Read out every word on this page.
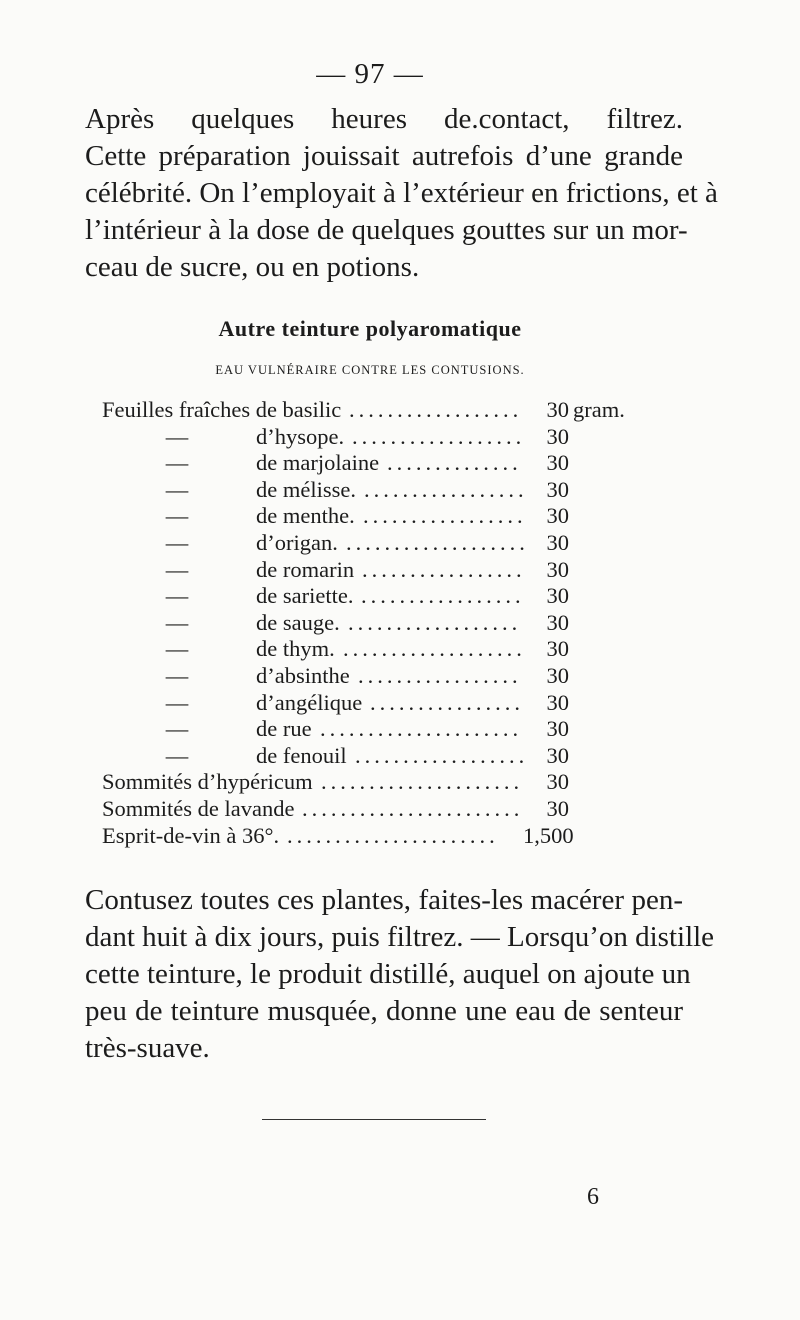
— 97 —

Après quelques heures de.contact, filtrez.
Cette préparation jouissait autrefois d’une grande
célébrité. On l’employait à l’extérieur en frictions, et à
l’intérieur à la dose de quelques gouttes sur un mor-
ceau de sucre, ou en potions.

Autre teinture polyaromatique
EAU VULNÉRAIRE CONTRE LES CONTUSIONS.
Feuilles fraîches de basilic	30 gram.
..................
—	d’hysope.	30
..................
—	de marjolaine	30
..............
—	de mélisse.	30
.................
—	de menthe.	30
.................
—	d’origan.	30
...................
—	de romarin	30
.................
—	de sariette.	30
.................
—	de sauge.	30
..................
—	de thym.	30
...................
—	d’absinthe	30
.................
—	d’angélique	30
................
—	de rue	30
.....................
—	de fenouil	30
..................
Sommités d’hypéricum	30
.....................
Sommités de lavande	30
.......................
Esprit-de-vin à 36°.	1,500
......................

Contusez toutes ces plantes, faites-les macérer pen-
dant huit à dix jours, puis filtrez. — Lorsqu’on distille
cette teinture, le produit distillé, auquel on ajoute un
peu de teinture musquée, donne une eau de senteur
très-suave.

6
